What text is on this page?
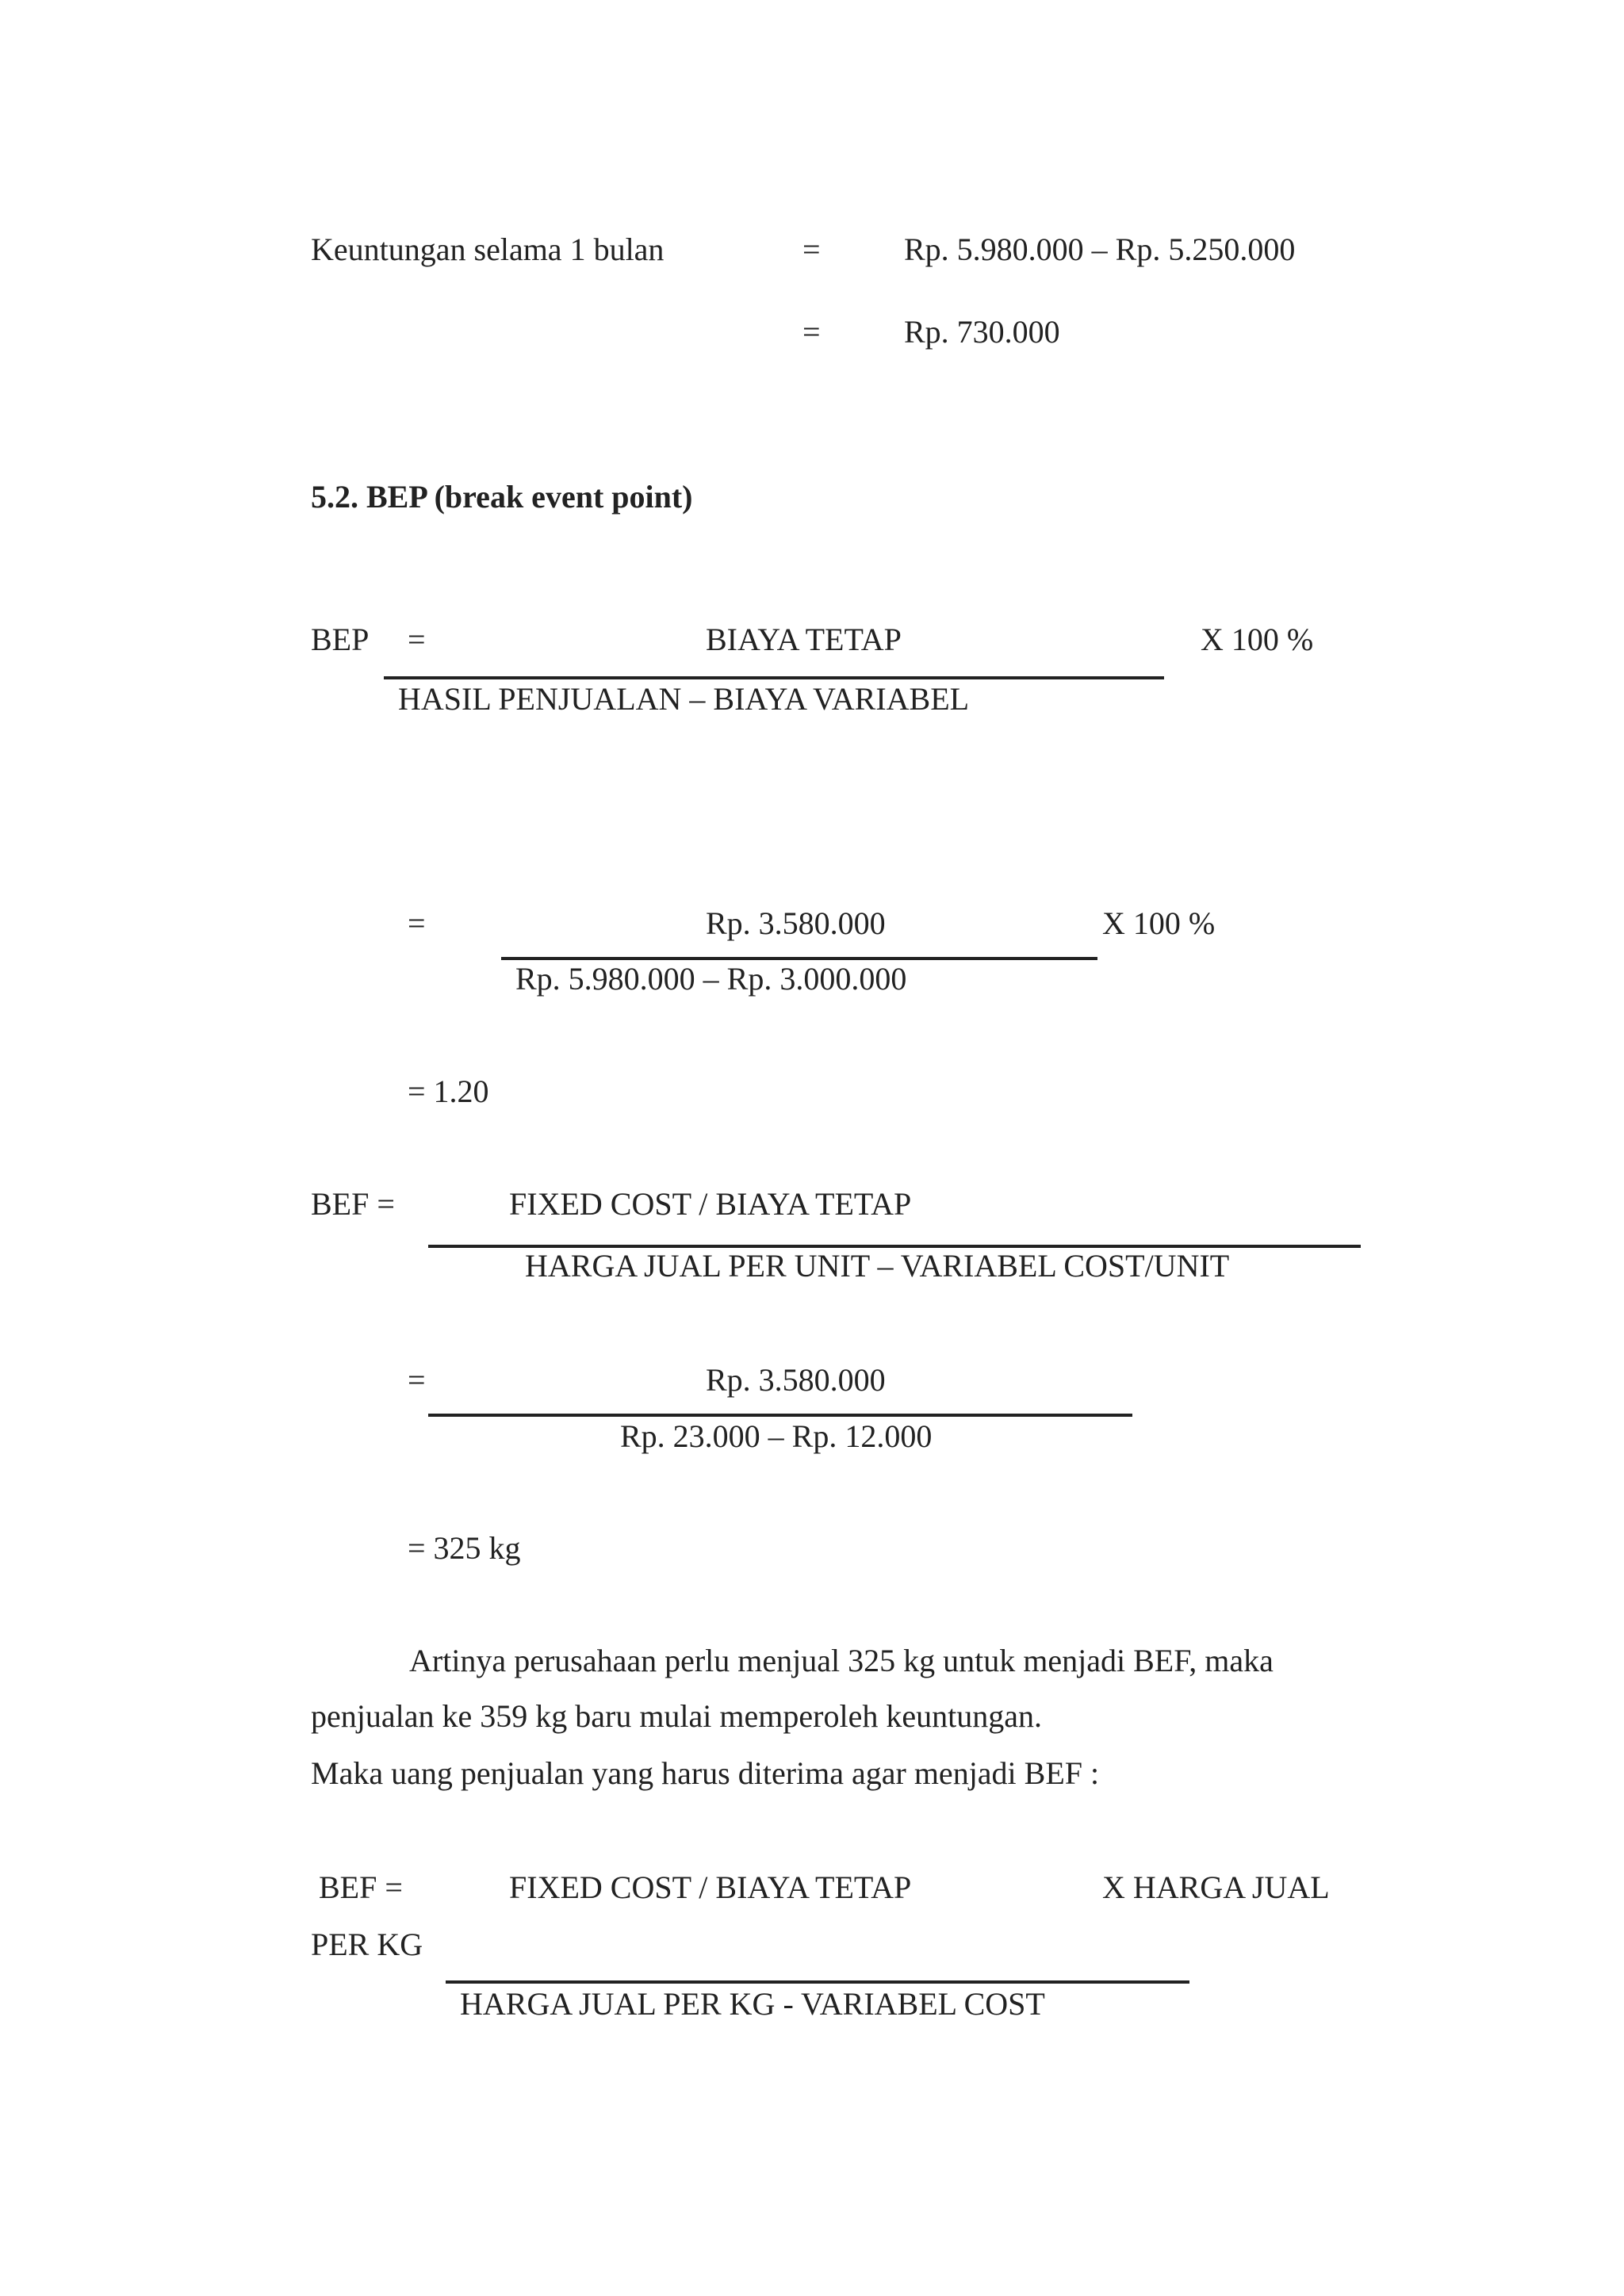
Keuntungan selama 1 bulan	=	Rp. 5.980.000 – Rp. 5.250.000
=	Rp. 730.000
5.2. BEP (break event point)
BEP =	BIAYA TETAP	X 100 %
HASIL PENJUALAN – BIAYA VARIABEL
=	Rp. 3.580.000	X 100 %
Rp. 5.980.000 – Rp. 3.000.000
= 1.20
BEF =	FIXED COST / BIAYA TETAP
HARGA JUAL PER UNIT – VARIABEL COST/UNIT
=	Rp. 3.580.000
Rp. 23.000 – Rp. 12.000
= 325 kg
Artinya perusahaan perlu menjual 325 kg untuk menjadi BEF, maka
penjualan ke 359 kg baru mulai memperoleh keuntungan.
Maka uang penjualan yang harus diterima agar menjadi BEF :
BEF =	FIXED COST / BIAYA TETAP	X HARGA JUAL
PER KG
HARGA JUAL PER KG - VARIABEL COST
